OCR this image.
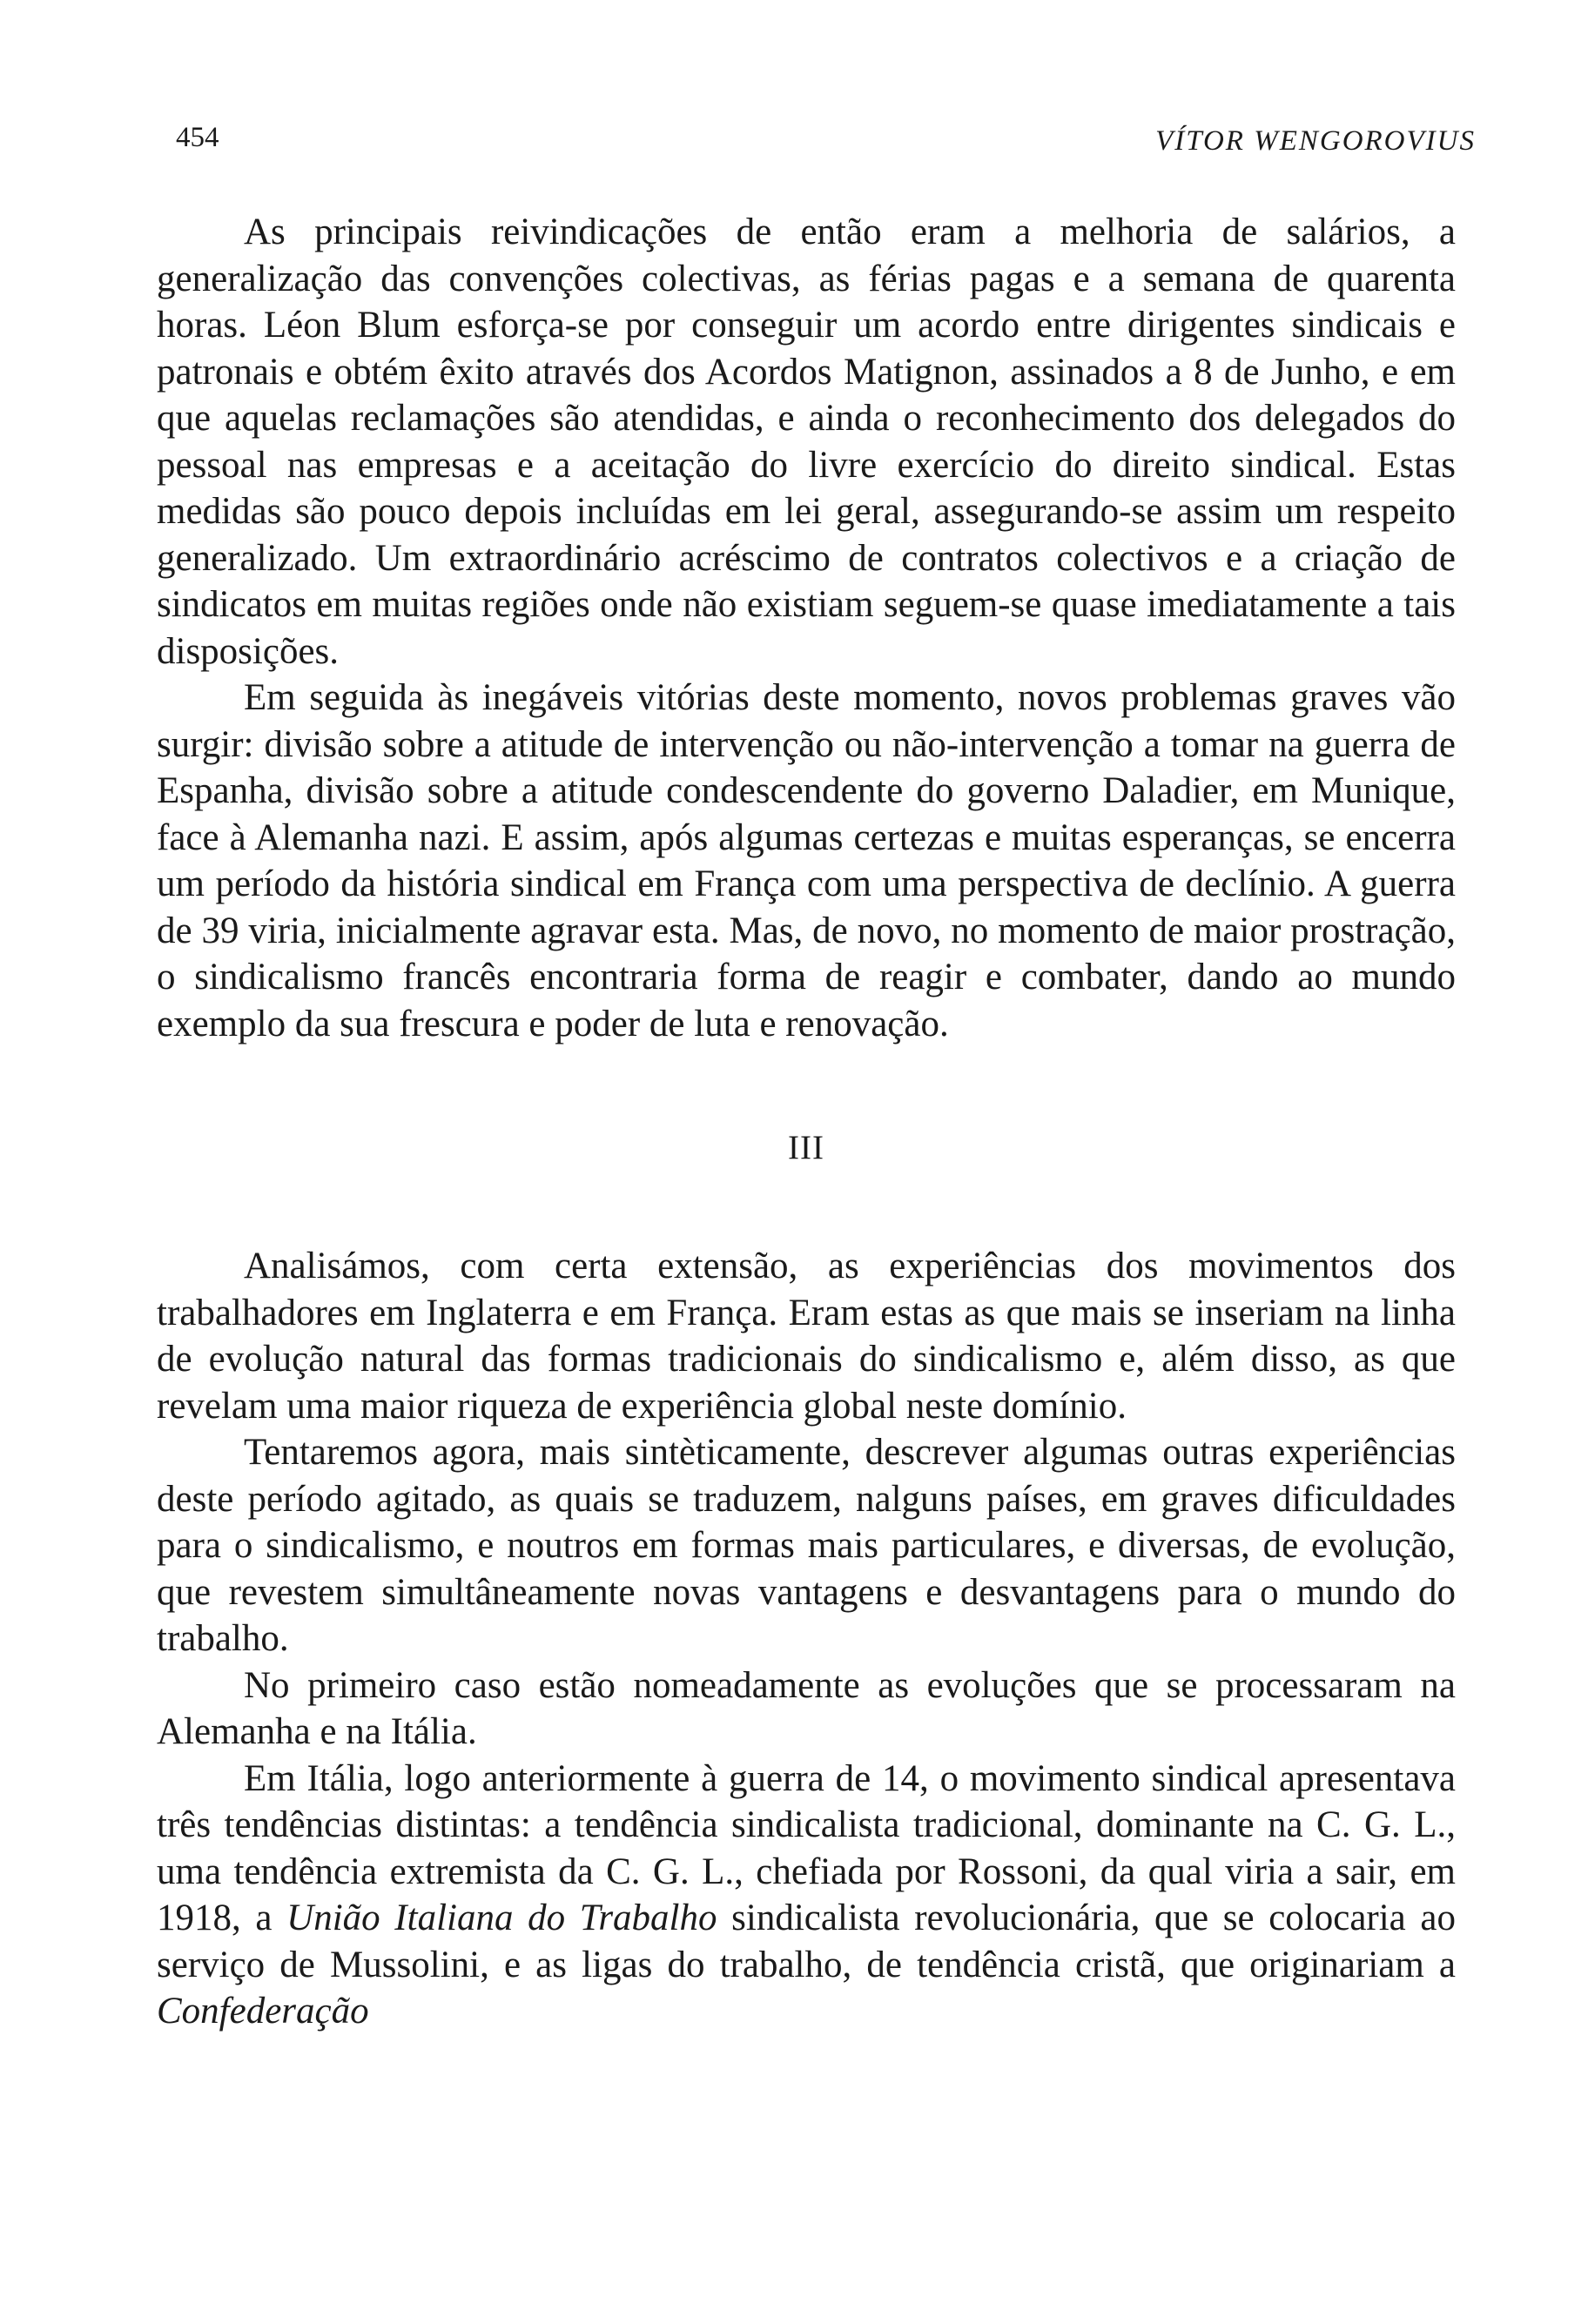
454	VÍTOR WENGOROVIUS

As principais reivindicações de então eram a melhoria de salários, a generalização das convenções colectivas, as férias pagas e a semana de quarenta horas. Léon Blum esforça-se por conseguir um acordo entre dirigentes sindicais e patronais e obtém êxito através dos Acordos Matignon, assinados a 8 de Junho, e em que aquelas reclamações são atendidas, e ainda o reconhecimento dos delegados do pessoal nas empresas e a aceitação do livre exercício do direito sindical. Estas medidas são pouco depois incluídas em lei geral, assegurando-se assim um respeito generalizado. Um extraordinário acréscimo de contratos colectivos e a criação de sindicatos em muitas regiões onde não existiam seguem-se quase imediatamente a tais disposições.

Em seguida às inegáveis vitórias deste momento, novos problemas graves vão surgir: divisão sobre a atitude de intervenção ou não-intervenção a tomar na guerra de Espanha, divisão sobre a atitude condescendente do governo Daladier, em Munique, face à Alemanha nazi. E assim, após algumas certezas e muitas esperanças, se encerra um período da história sindical em França com uma perspectiva de declínio. A guerra de 39 viria, inicialmente agravar esta. Mas, de novo, no momento de maior prostração, o sindicalismo francês encontraria forma de reagir e combater, dando ao mundo exemplo da sua frescura e poder de luta e renovação.

III

Analisámos, com certa extensão, as experiências dos movimentos dos trabalhadores em Inglaterra e em França. Eram estas as que mais se inseriam na linha de evolução natural das formas tradicionais do sindicalismo e, além disso, as que revelam uma maior riqueza de experiência global neste domínio.

Tentaremos agora, mais sintèticamente, descrever algumas outras experiências deste período agitado, as quais se traduzem, nalguns países, em graves dificuldades para o sindicalismo, e noutros em formas mais particulares, e diversas, de evolução, que revestem simultâneamente novas vantagens e desvantagens para o mundo do trabalho.

No primeiro caso estão nomeadamente as evoluções que se processaram na Alemanha e na Itália.

Em Itália, logo anteriormente à guerra de 14, o movimento sindical apresentava três tendências distintas: a tendência sindicalista tradicional, dominante na C. G. L., uma tendência extremista da C. G. L., chefiada por Rossoni, da qual viria a sair, em 1918, a União Italiana do Trabalho sindicalista revolucionária, que se colocaria ao serviço de Mussolini, e as ligas do trabalho, de tendência cristã, que originariam a Confederação
